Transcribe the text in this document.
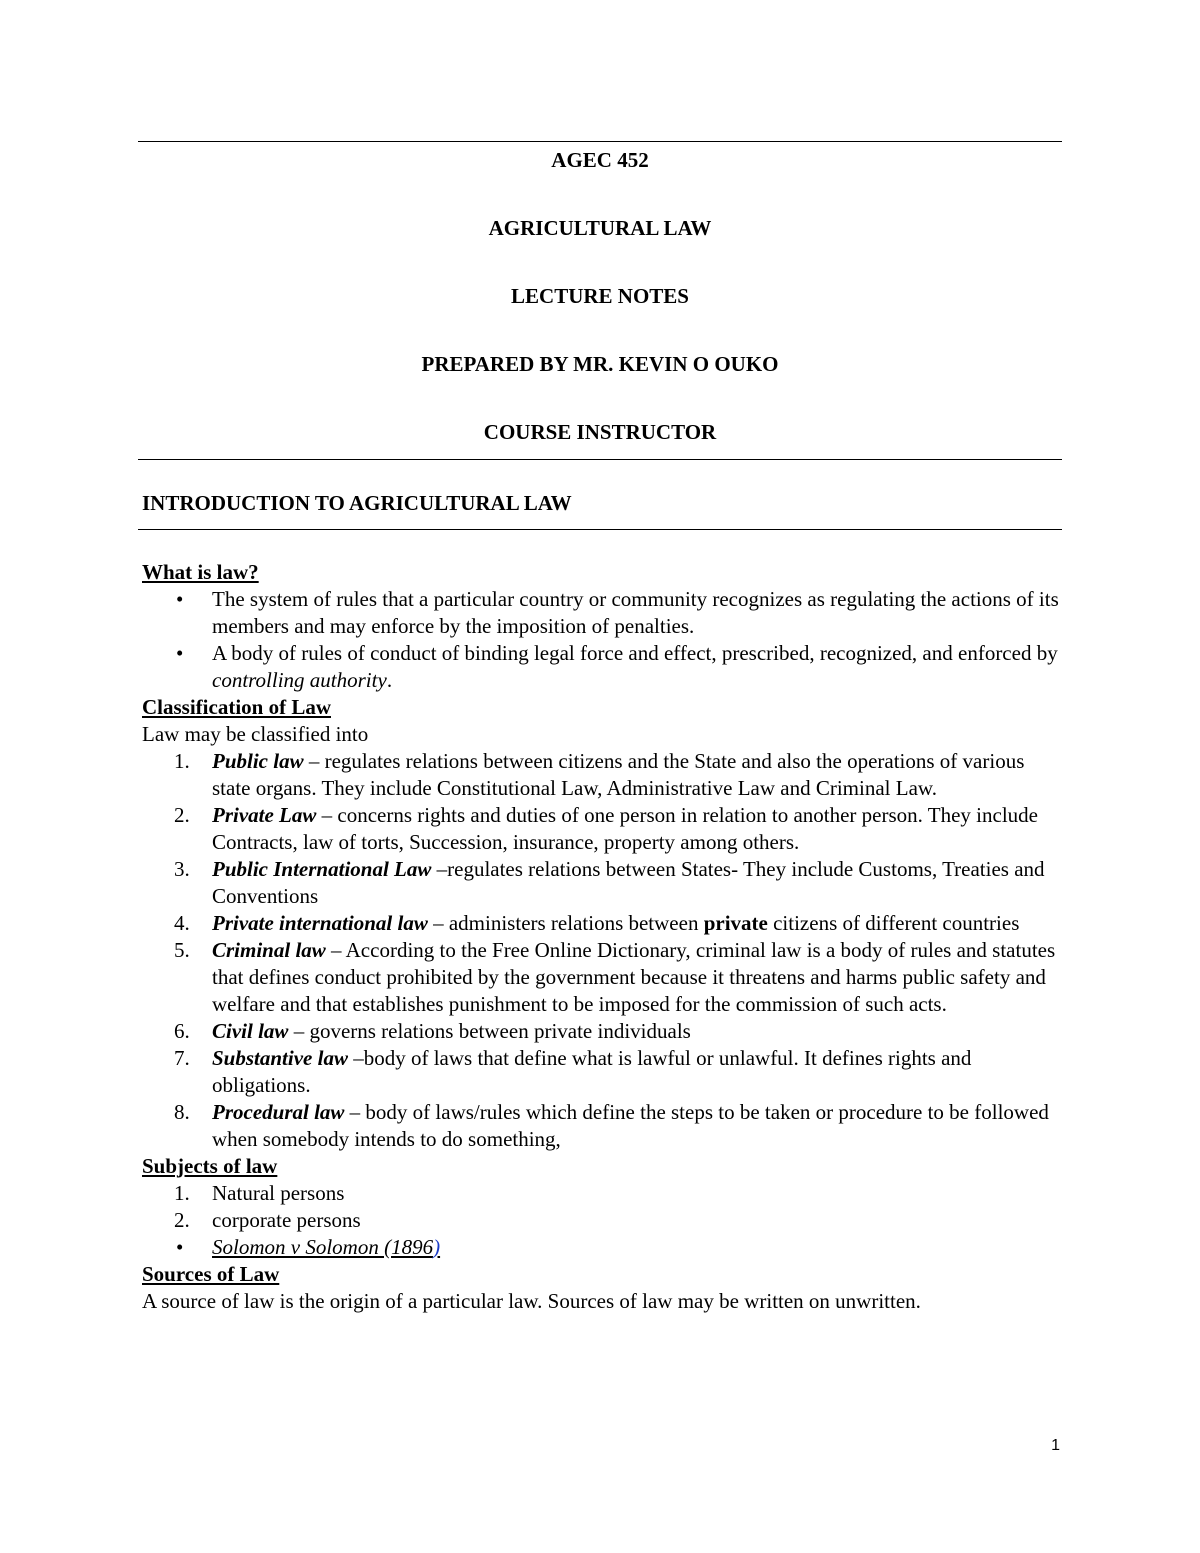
AGEC 452
AGRICULTURAL LAW
LECTURE NOTES
PREPARED BY MR. KEVIN O OUKO
COURSE INSTRUCTOR
INTRODUCTION TO AGRICULTURAL LAW
What is law?
• The system of rules that a particular country or community recognizes as regulating the actions of its members and may enforce by the imposition of penalties.
• A body of rules of conduct of binding legal force and effect, prescribed, recognized, and enforced by controlling authority.
Classification of Law
Law may be classified into
1. Public law – regulates relations between citizens and the State and also the operations of various state organs. They include Constitutional Law, Administrative Law and Criminal Law.
2. Private Law – concerns rights and duties of one person in relation to another person. They include Contracts, law of torts, Succession, insurance, property among others.
3. Public International Law –regulates relations between States- They include Customs, Treaties and Conventions
4. Private international law – administers relations between private citizens of different countries
5. Criminal law – According to the Free Online Dictionary, criminal law is a body of rules and statutes that defines conduct prohibited by the government because it threatens and harms public safety and welfare and that establishes punishment to be imposed for the commission of such acts.
6. Civil law – governs relations between private individuals
7. Substantive law –body of laws that define what is lawful or unlawful. It defines rights and obligations.
8. Procedural law – body of laws/rules which define the steps to be taken or procedure to be followed when somebody intends to do something,
Subjects of law
1. Natural persons
2. corporate persons
• Solomon v Solomon (1896)
Sources of Law
A source of law is the origin of a particular law. Sources of law may be written on unwritten.
1
